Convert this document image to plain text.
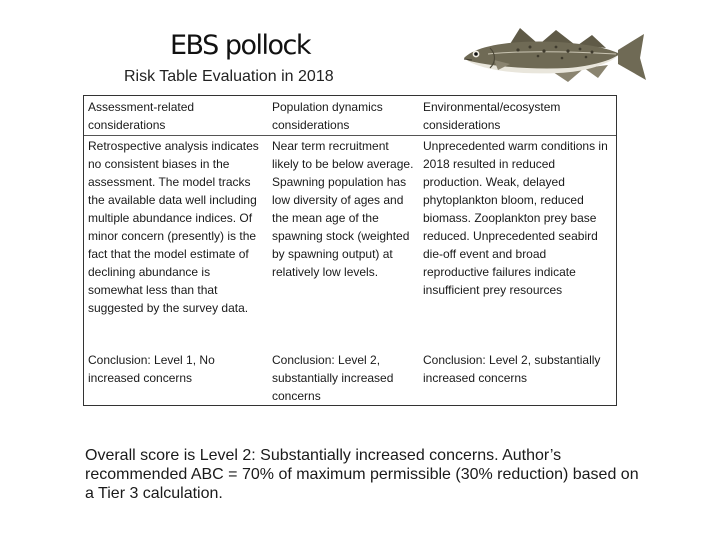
EBS pollock
Risk Table Evaluation in 2018
Assessment-related considerations
Population dynamics considerations
Environmental/ecosystem considerations
Retrospective analysis indicates no consistent biases in the assessment. The model tracks the available data well including multiple abundance indices. Of minor concern (presently) is the fact that the model estimate of declining abundance is somewhat less than that suggested by the survey data.
Near term recruitment likely to be below average. Spawning population has low diversity of ages and the mean age of the spawning stock (weighted by spawning output) at relatively low levels.
Unprecedented warm conditions in 2018 resulted in reduced production. Weak, delayed phytoplankton bloom, reduced biomass. Zooplankton prey base reduced. Unprecedented seabird die-off event and broad reproductive failures indicate insufficient prey resources
Conclusion: Level 1, No increased concerns
Conclusion: Level 2, substantially increased concerns
Conclusion: Level 2, substantially increased concerns
Overall score is Level 2: Substantially increased concerns. Author’s recommended ABC = 70% of maximum permissible (30% reduction) based on a Tier 3 calculation.
